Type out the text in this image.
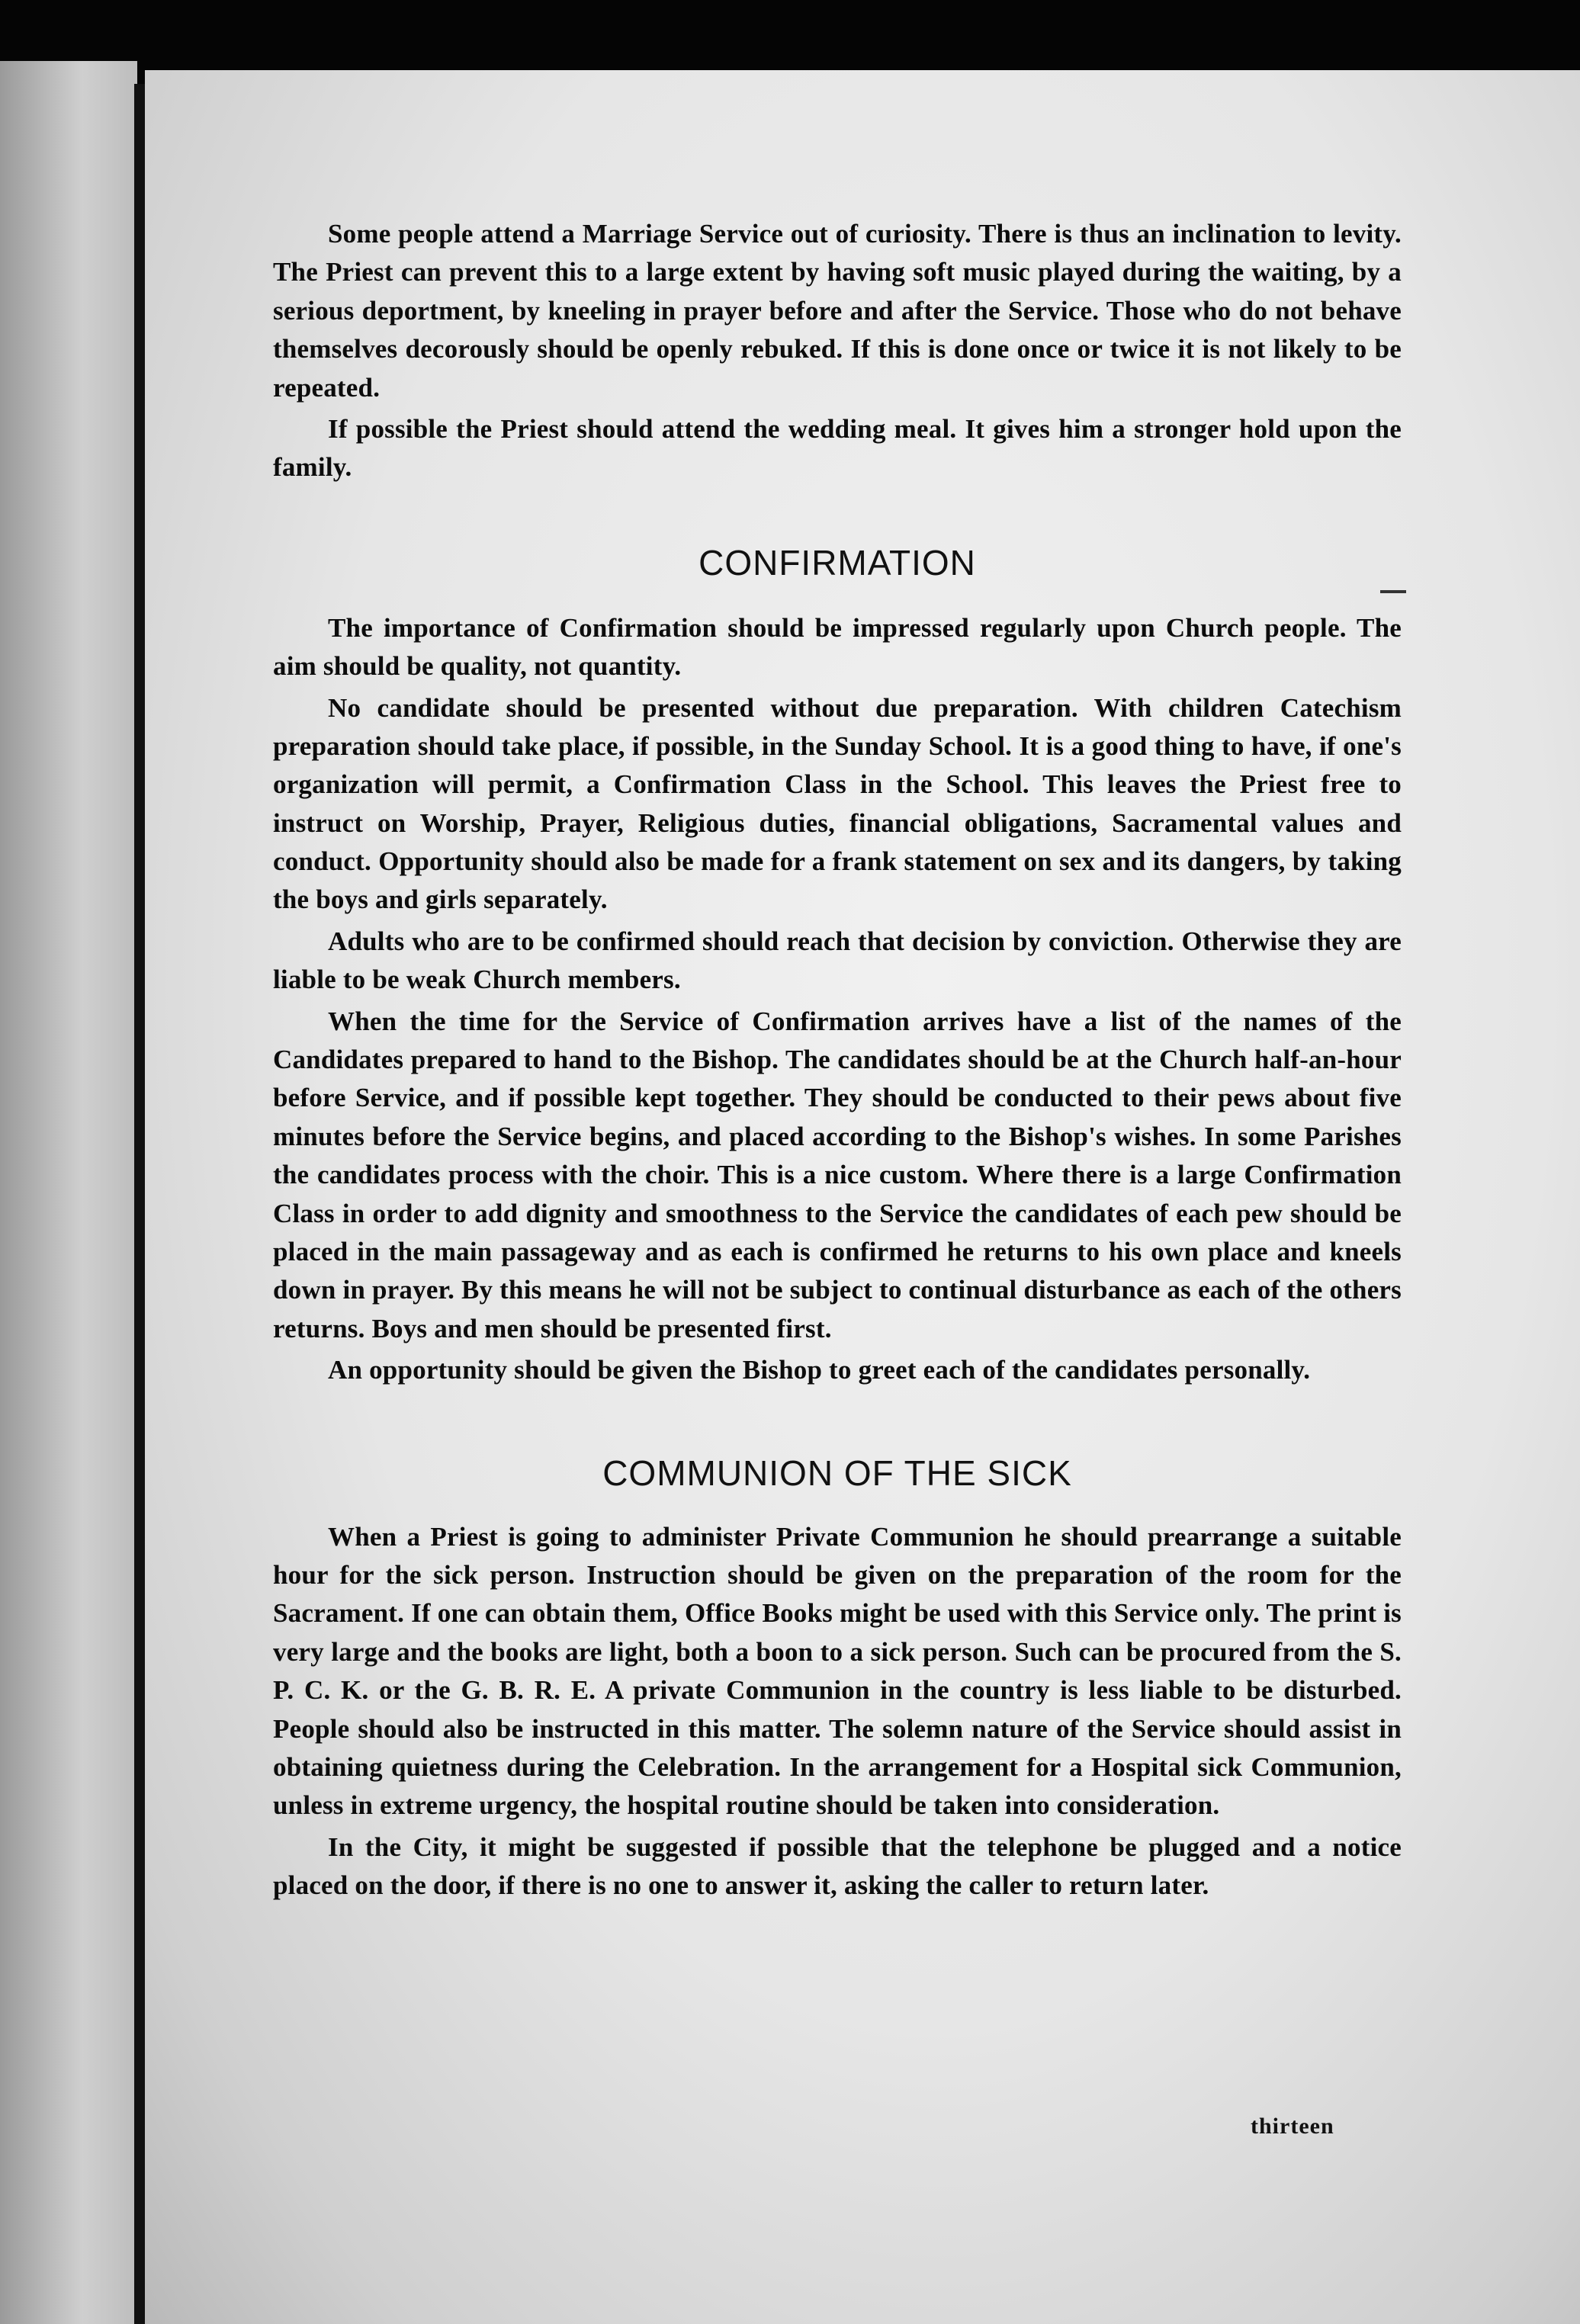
Some people attend a Marriage Service out of curiosity. There is thus an inclination to levity. The Priest can prevent this to a large extent by having soft music played during the waiting, by a serious deportment, by kneeling in prayer before and after the Service. Those who do not behave themselves decorously should be openly rebuked. If this is done once or twice it is not likely to be repeated.

If possible the Priest should attend the wedding meal. It gives him a stronger hold upon the family.

CONFIRMATION

The importance of Confirmation should be impressed regularly upon Church people. The aim should be quality, not quantity.

No candidate should be presented without due preparation. With children Catechism preparation should take place, if possible, in the Sunday School. It is a good thing to have, if one's organization will permit, a Confirmation Class in the School. This leaves the Priest free to instruct on Worship, Prayer, Religious duties, financial obligations, Sacramental values and conduct. Opportunity should also be made for a frank statement on sex and its dangers, by taking the boys and girls separately.

Adults who are to be confirmed should reach that decision by conviction. Otherwise they are liable to be weak Church members.

When the time for the Service of Confirmation arrives have a list of the names of the Candidates prepared to hand to the Bishop. The candidates should be at the Church half-an-hour before Service, and if possible kept together. They should be conducted to their pews about five minutes before the Service begins, and placed according to the Bishop's wishes. In some Parishes the candidates process with the choir. This is a nice custom. Where there is a large Confirmation Class in order to add dignity and smoothness to the Service the candidates of each pew should be placed in the main passageway and as each is confirmed he returns to his own place and kneels down in prayer. By this means he will not be subject to continual disturbance as each of the others returns. Boys and men should be presented first.

An opportunity should be given the Bishop to greet each of the candidates personally.

COMMUNION OF THE SICK

When a Priest is going to administer Private Communion he should prearrange a suitable hour for the sick person. Instruction should be given on the preparation of the room for the Sacrament. If one can obtain them, Office Books might be used with this Service only. The print is very large and the books are light, both a boon to a sick person. Such can be procured from the S. P. C. K. or the G. B. R. E. A private Communion in the country is less liable to be disturbed. People should also be instructed in this matter. The solemn nature of the Service should assist in obtaining quietness during the Celebration. In the arrangement for a Hospital sick Communion, unless in extreme urgency, the hospital routine should be taken into consideration.

In the City, it might be suggested if possible that the telephone be plugged and a notice placed on the door, if there is no one to answer it, asking the caller to return later.

thirteen
